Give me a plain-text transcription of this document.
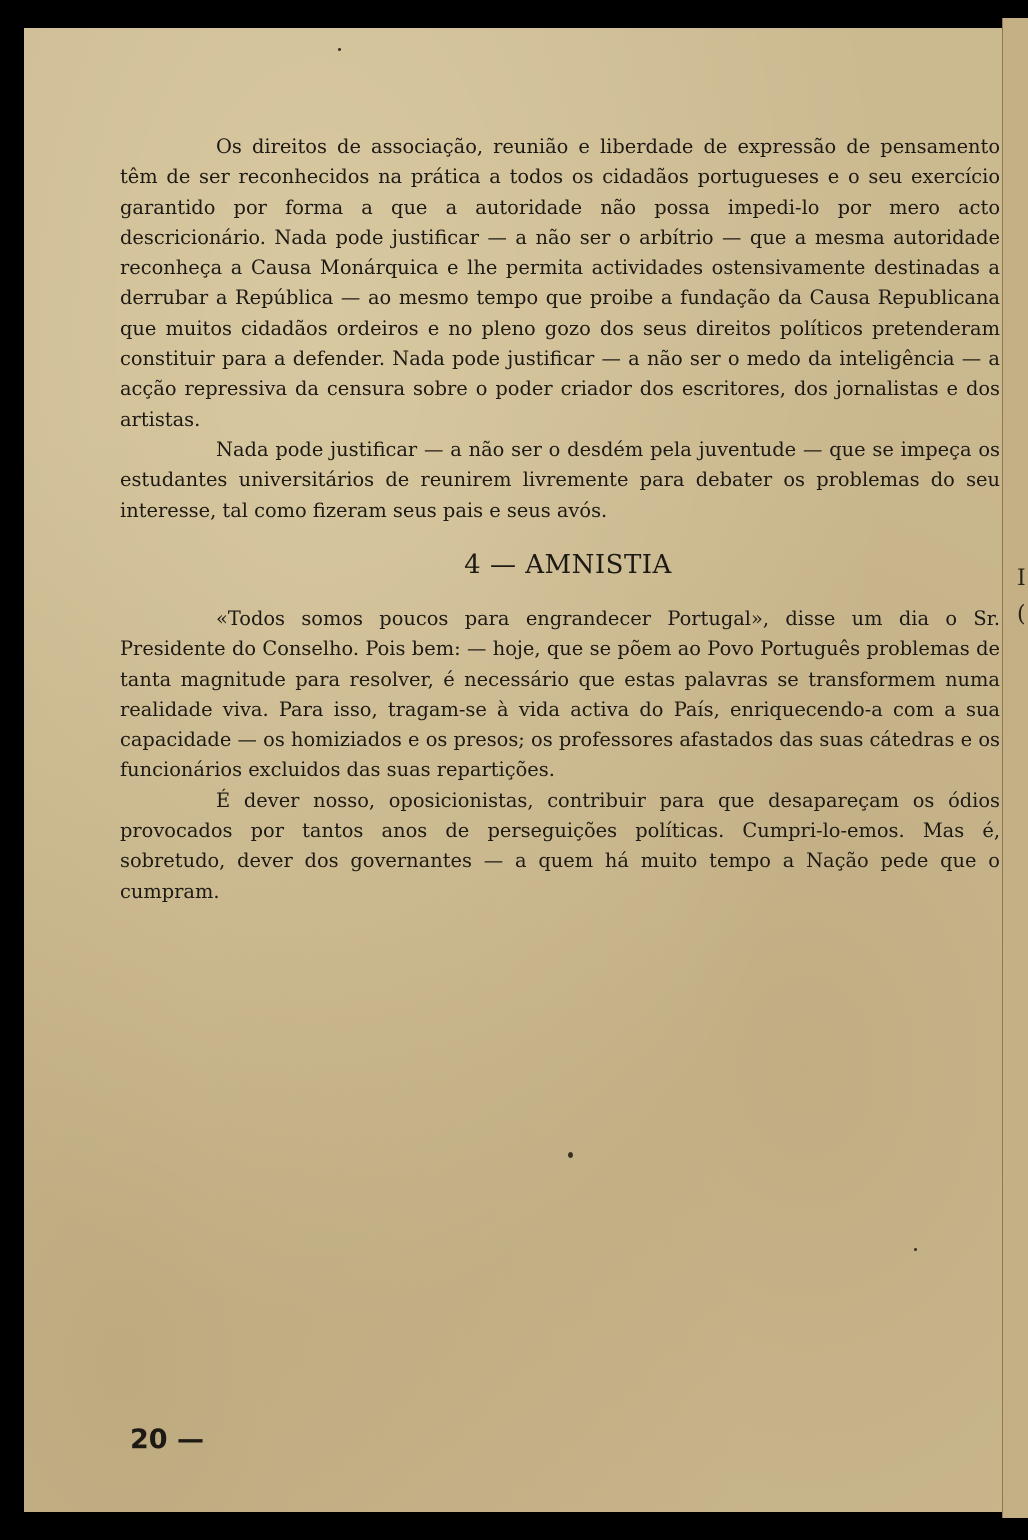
Os direitos de associação, reunião e liberdade de expressão de pensamento têm de ser reconhecidos na prática a todos os cidadãos portugueses e o seu exercício garantido por forma a que a autoridade não possa impedi-lo por mero acto descricionário. Nada pode justificar — a não ser o arbítrio — que a mesma autoridade reconheça a Causa Monárquica e lhe permita actividades ostensivamente destinadas a derrubar a República — ao mesmo tempo que proibe a fundação da Causa Republicana que muitos cidadãos ordeiros e no pleno gozo dos seus direitos políticos pretenderam constituir para a defender. Nada pode justificar — a não ser o medo da inteligência — a acção repressiva da censura sobre o poder criador dos escritores, dos jornalistas e dos artistas.

Nada pode justificar — a não ser o desdém pela juventude — que se impeça os estudantes universitários de reunirem livremente para debater os problemas do seu interesse, tal como fizeram seus pais e seus avós.

4 — AMNISTIA

«Todos somos poucos para engrandecer Portugal», disse um dia o Sr. Presidente do Conselho. Pois bem: — hoje, que se põem ao Povo Português problemas de tanta magnitude para resolver, é necessário que estas palavras se transformem numa realidade viva. Para isso, tragam-se à vida activa do País, enriquecendo-a com a sua capacidade — os homiziados e os presos; os professores afastados das suas cátedras e os funcionários excluidos das suas repartições.

É dever nosso, oposicionistas, contribuir para que desapareçam os ódios provocados por tantos anos de perseguições políticas. Cumpri-lo-emos. Mas é, sobretudo, dever dos governantes — a quem há muito tempo a Nação pede que o cumpram.

20 —
I
(
